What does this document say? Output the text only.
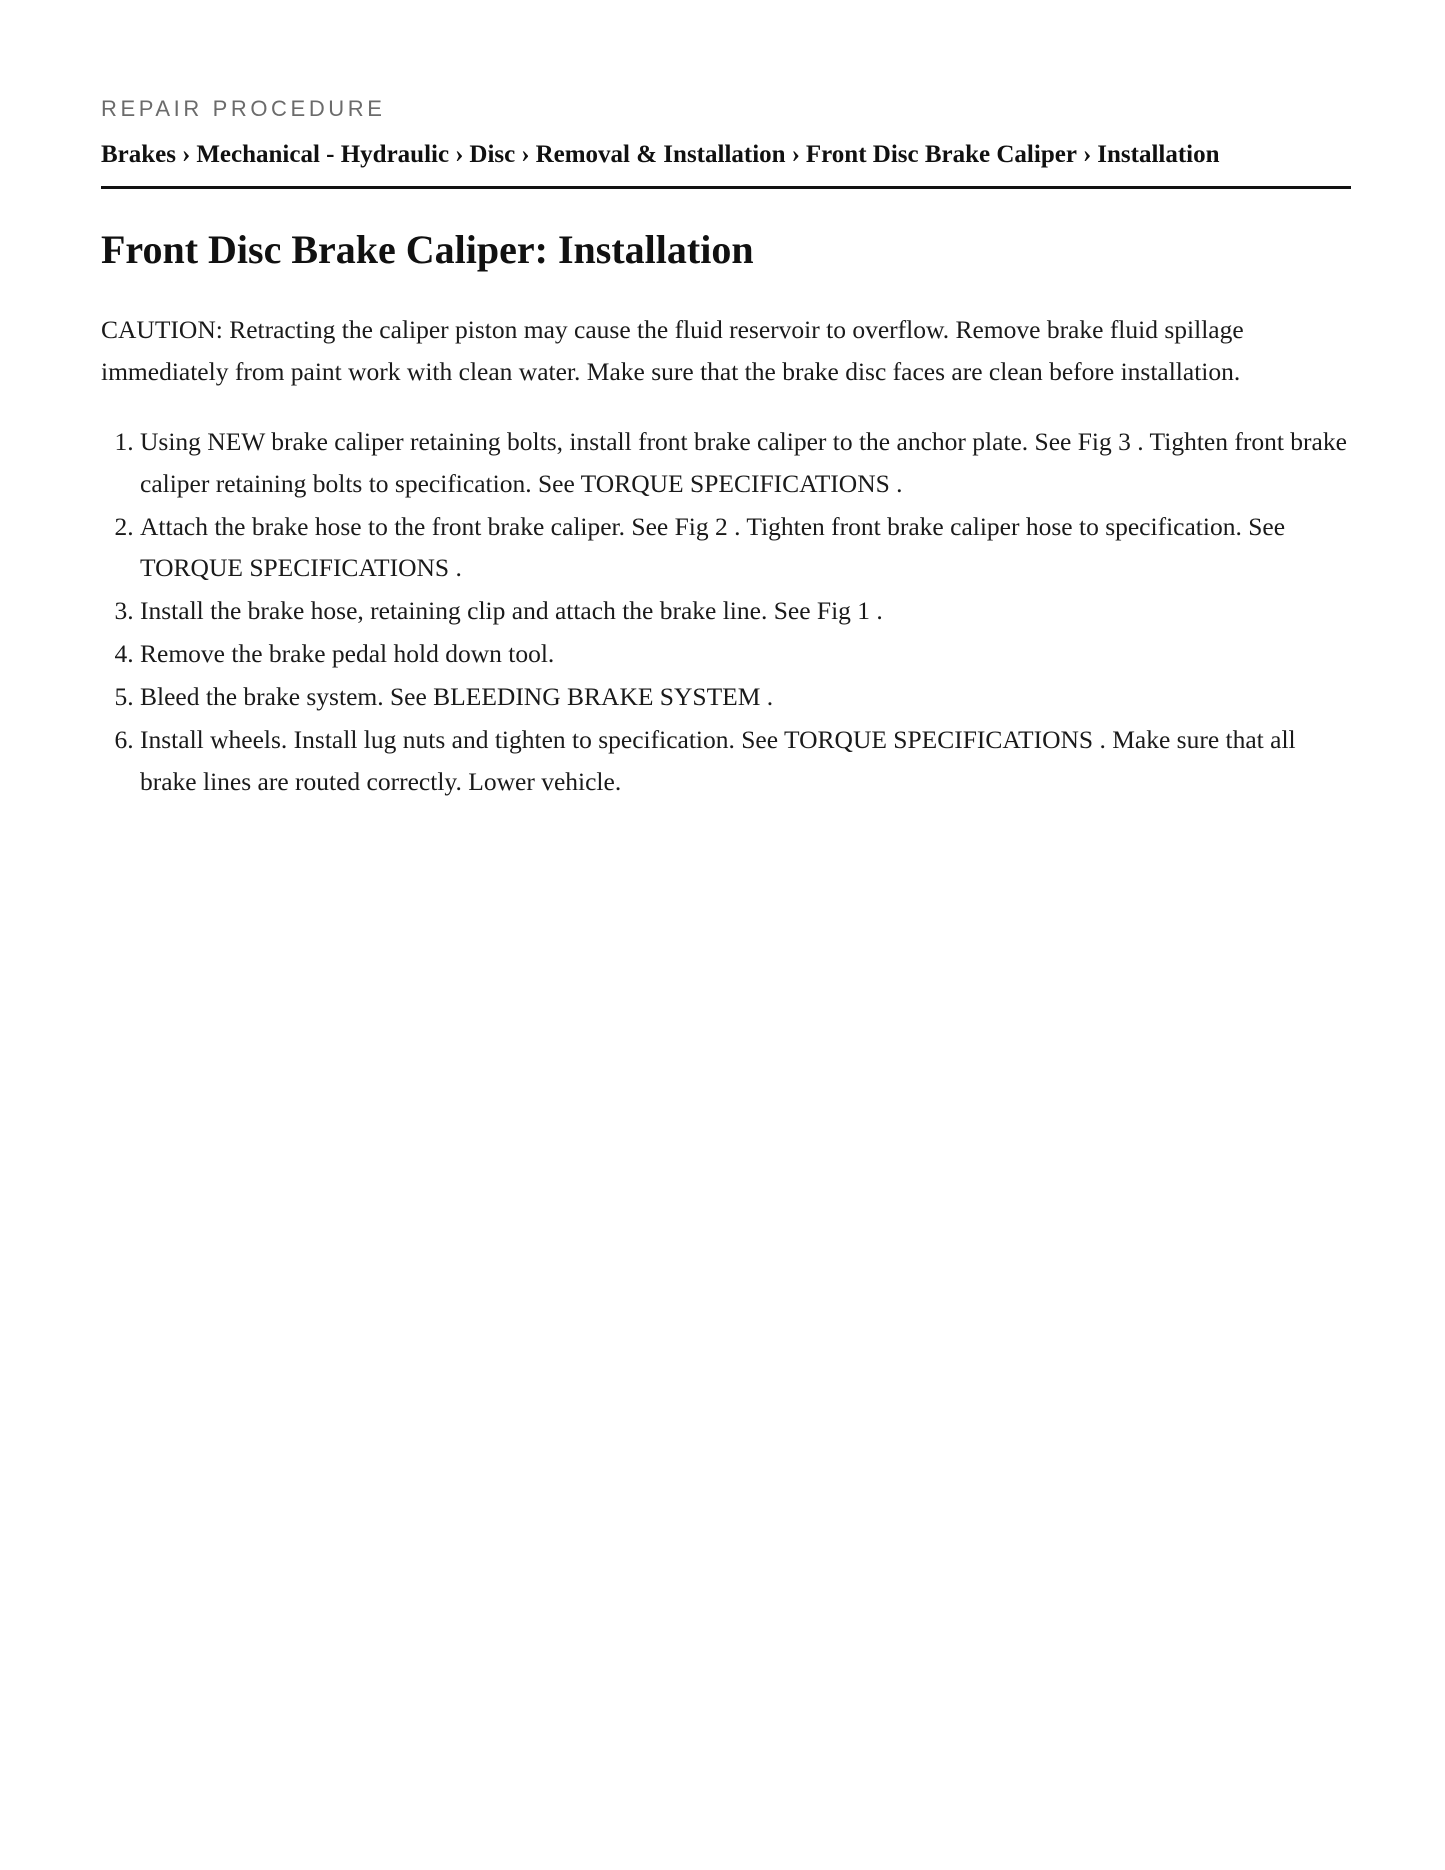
REPAIR PROCEDURE

Brakes › Mechanical - Hydraulic › Disc › Removal & Installation › Front Disc Brake Caliper › Installation
Front Disc Brake Caliper: Installation

CAUTION: Retracting the caliper piston may cause the fluid reservoir to overflow. Remove brake fluid spillage immediately from paint work with clean water. Make sure that the brake disc faces are clean before installation.

1. Using NEW brake caliper retaining bolts, install front brake caliper to the anchor plate. See Fig 3 . Tighten front brake caliper retaining bolts to specification. See TORQUE SPECIFICATIONS .
2. Attach the brake hose to the front brake caliper. See Fig 2 . Tighten front brake caliper hose to specification. See TORQUE SPECIFICATIONS .
3. Install the brake hose, retaining clip and attach the brake line. See Fig 1 .
4. Remove the brake pedal hold down tool.
5. Bleed the brake system. See BLEEDING BRAKE SYSTEM .
6. Install wheels. Install lug nuts and tighten to specification. See TORQUE SPECIFICATIONS . Make sure that all brake lines are routed correctly. Lower vehicle.
